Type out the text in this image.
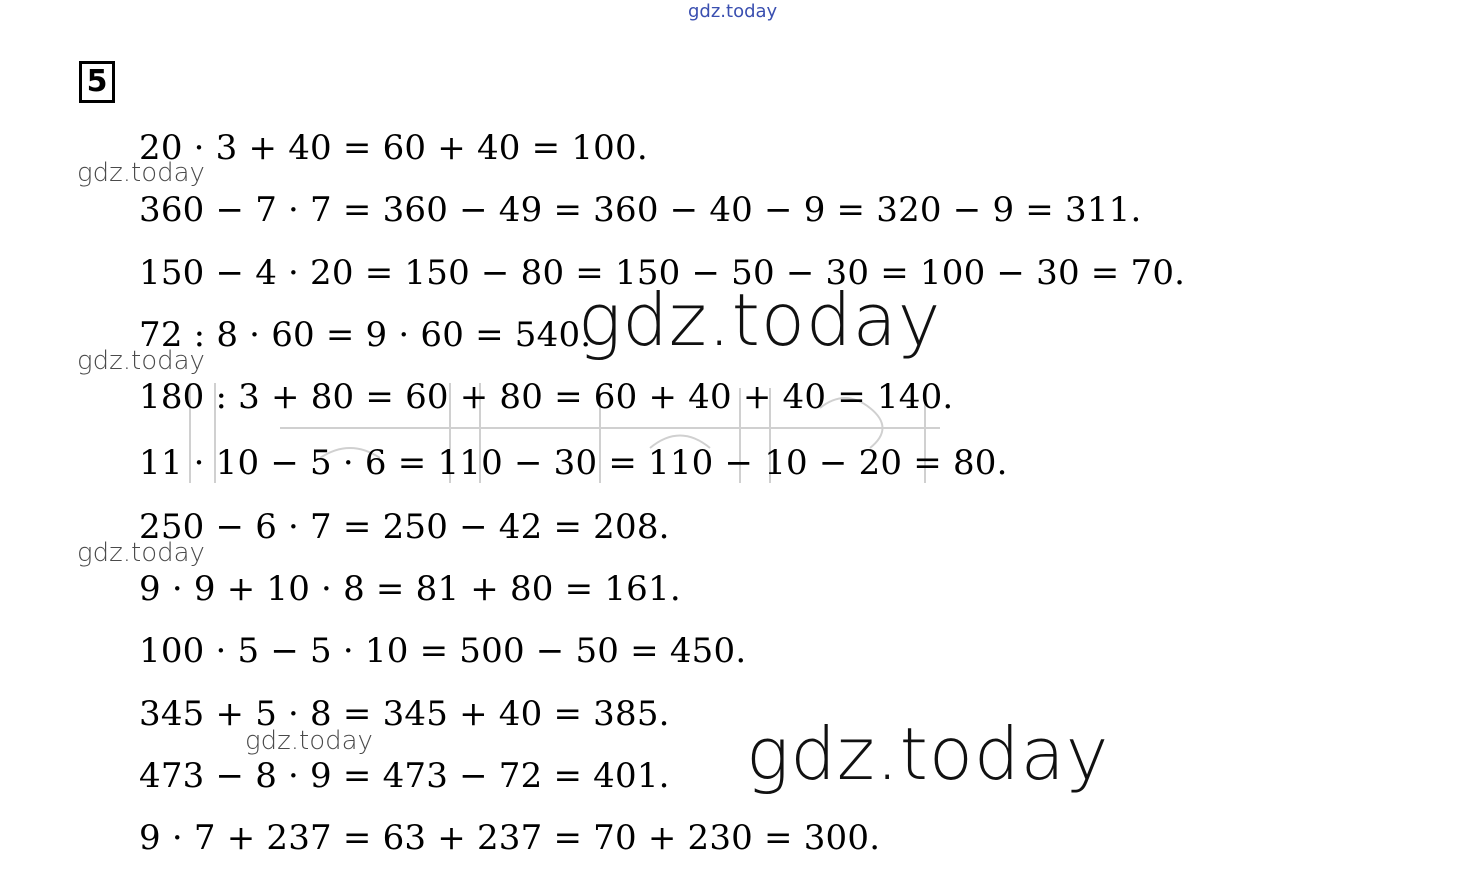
gdz.today
5
20 · 3 + 40 = 60 + 40 = 100.
360 − 7 · 7 = 360 − 49 = 360 − 40 − 9 = 320 − 9 = 311.
150 − 4 · 20 = 150 − 80 = 150 − 50 − 30 = 100 − 30 = 70.
72 : 8 · 60 = 9 · 60 = 540.
180 : 3 + 80 = 60 + 80 = 60 + 40 + 40 = 140.
11 · 10 − 5 · 6 = 110 − 30 = 110 − 10 − 20 = 80.
250 − 6 · 7 = 250 − 42 = 208.
9 · 9 + 10 · 8 = 81 + 80 = 161.
100 · 5 − 5 · 10 = 500 − 50 = 450.
345 + 5 · 8 = 345 + 40 = 385.
473 − 8 · 9 = 473 − 72 = 401.
9 · 7 + 237 = 63 + 237 = 70 + 230 = 300.
gdz.today
gdz.today
gdz.today
gdz.today
gdz.today
gdz.today
